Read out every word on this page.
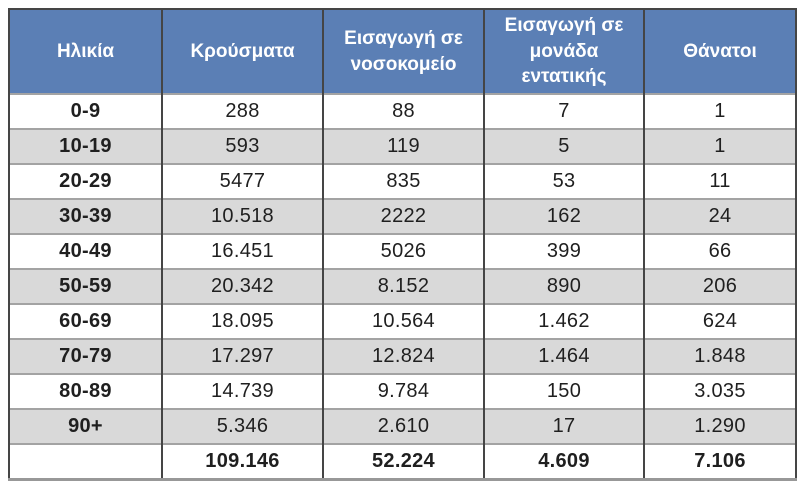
Ηλικία	Κρούσματα	Εισαγωγή σε νοσοκομείο	Εισαγωγή σε μονάδα εντατικής	Θάνατοι
0-9	288	88	7	1
10-19	593	119	5	1
20-29	5477	835	53	11
30-39	10.518	2222	162	24
40-49	16.451	5026	399	66
50-59	20.342	8.152	890	206
60-69	18.095	10.564	1.462	624
70-79	17.297	12.824	1.464	1.848
80-89	14.739	9.784	150	3.035
90+	5.346	2.610	17	1.290
	109.146	52.224	4.609	7.106
